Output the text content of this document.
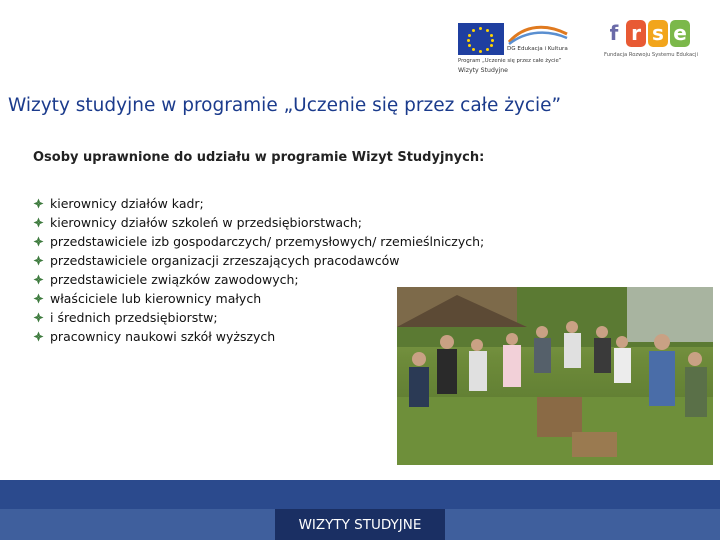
DG Edukacja i Kultura
Program „Uczenie się przez całe życie”
Wizyty Studyjne
f r s e
Fundacja Rozwoju Systemu Edukacji
Wizyty studyjne w programie „Uczenie się przez całe życie”
Osoby uprawnione do udziału w programie Wizyt Studyjnych:
kierownicy działów kadr;
kierownicy działów szkoleń w przedsiębiorstwach;
przedstawiciele izb gospodarczych/ przemysłowych/ rzemieślniczych;
przedstawiciele organizacji zrzeszających pracodawców
przedstawiciele związków zawodowych;
właściciele lub kierownicy małych
i średnich przedsiębiorstw;
pracownicy naukowi szkół wyższych
WIZYTY STUDYJNE
